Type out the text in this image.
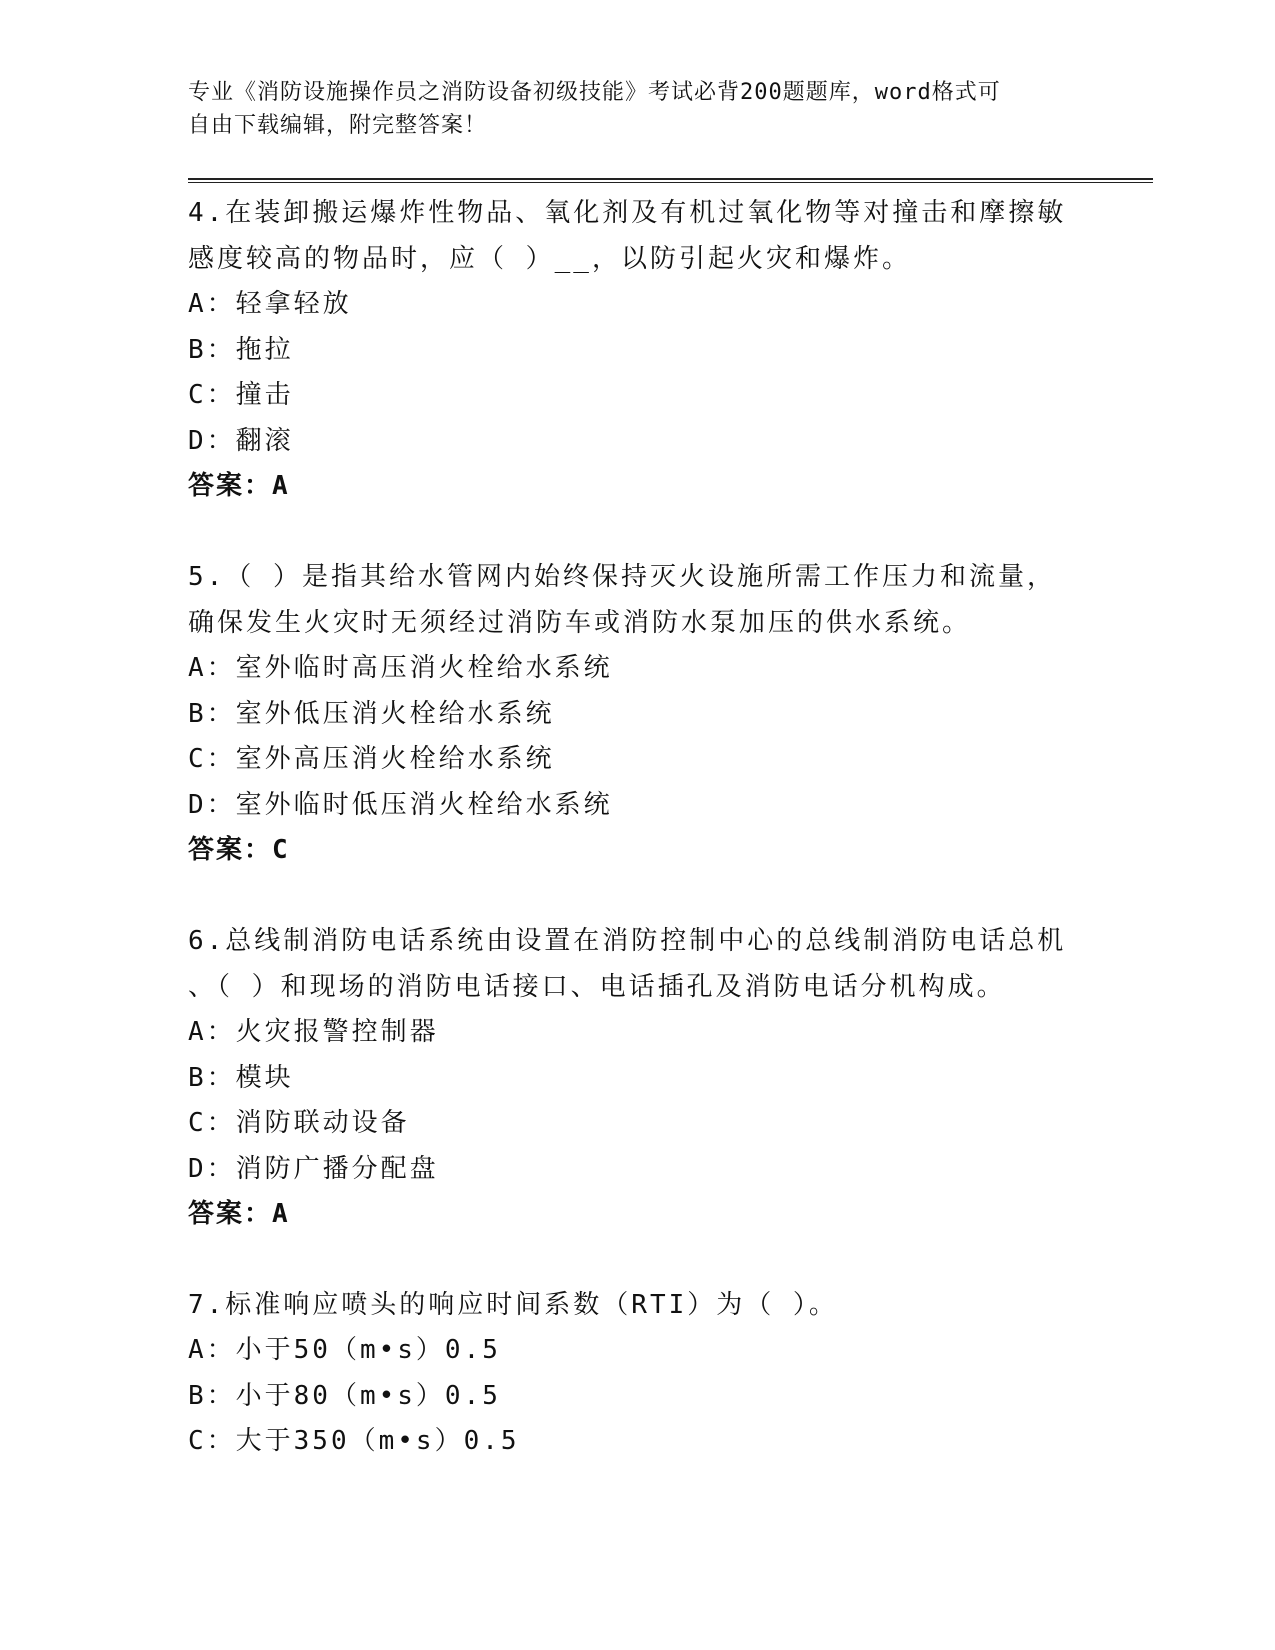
专业《消防设施操作员之消防设备初级技能》考试必背200题题库，word格式可
自由下载编辑，附完整答案！

4.在装卸搬运爆炸性物品、氧化剂及有机过氧化物等对撞击和摩擦敏

感度较高的物品时，应（ ）__，以防引起火灾和爆炸。

A：轻拿轻放

B：拖拉

C：撞击

D：翻滚

答案：A

5.（ ）是指其给水管网内始终保持灭火设施所需工作压力和流量，

确保发生火灾时无须经过消防车或消防水泵加压的供水系统。

A：室外临时高压消火栓给水系统

B：室外低压消火栓给水系统

C：室外高压消火栓给水系统

D：室外临时低压消火栓给水系统

答案：C

6.总线制消防电话系统由设置在消防控制中心的总线制消防电话总机

、（ ）和现场的消防电话接口、电话插孔及消防电话分机构成。

A：火灾报警控制器

B：模块

C：消防联动设备

D：消防广播分配盘

答案：A

7.标准响应喷头的响应时间系数（RTI）为（ ）。

A：小于50（m•s）0.5

B：小于80（m•s）0.5

C：大于350（m•s）0.5
